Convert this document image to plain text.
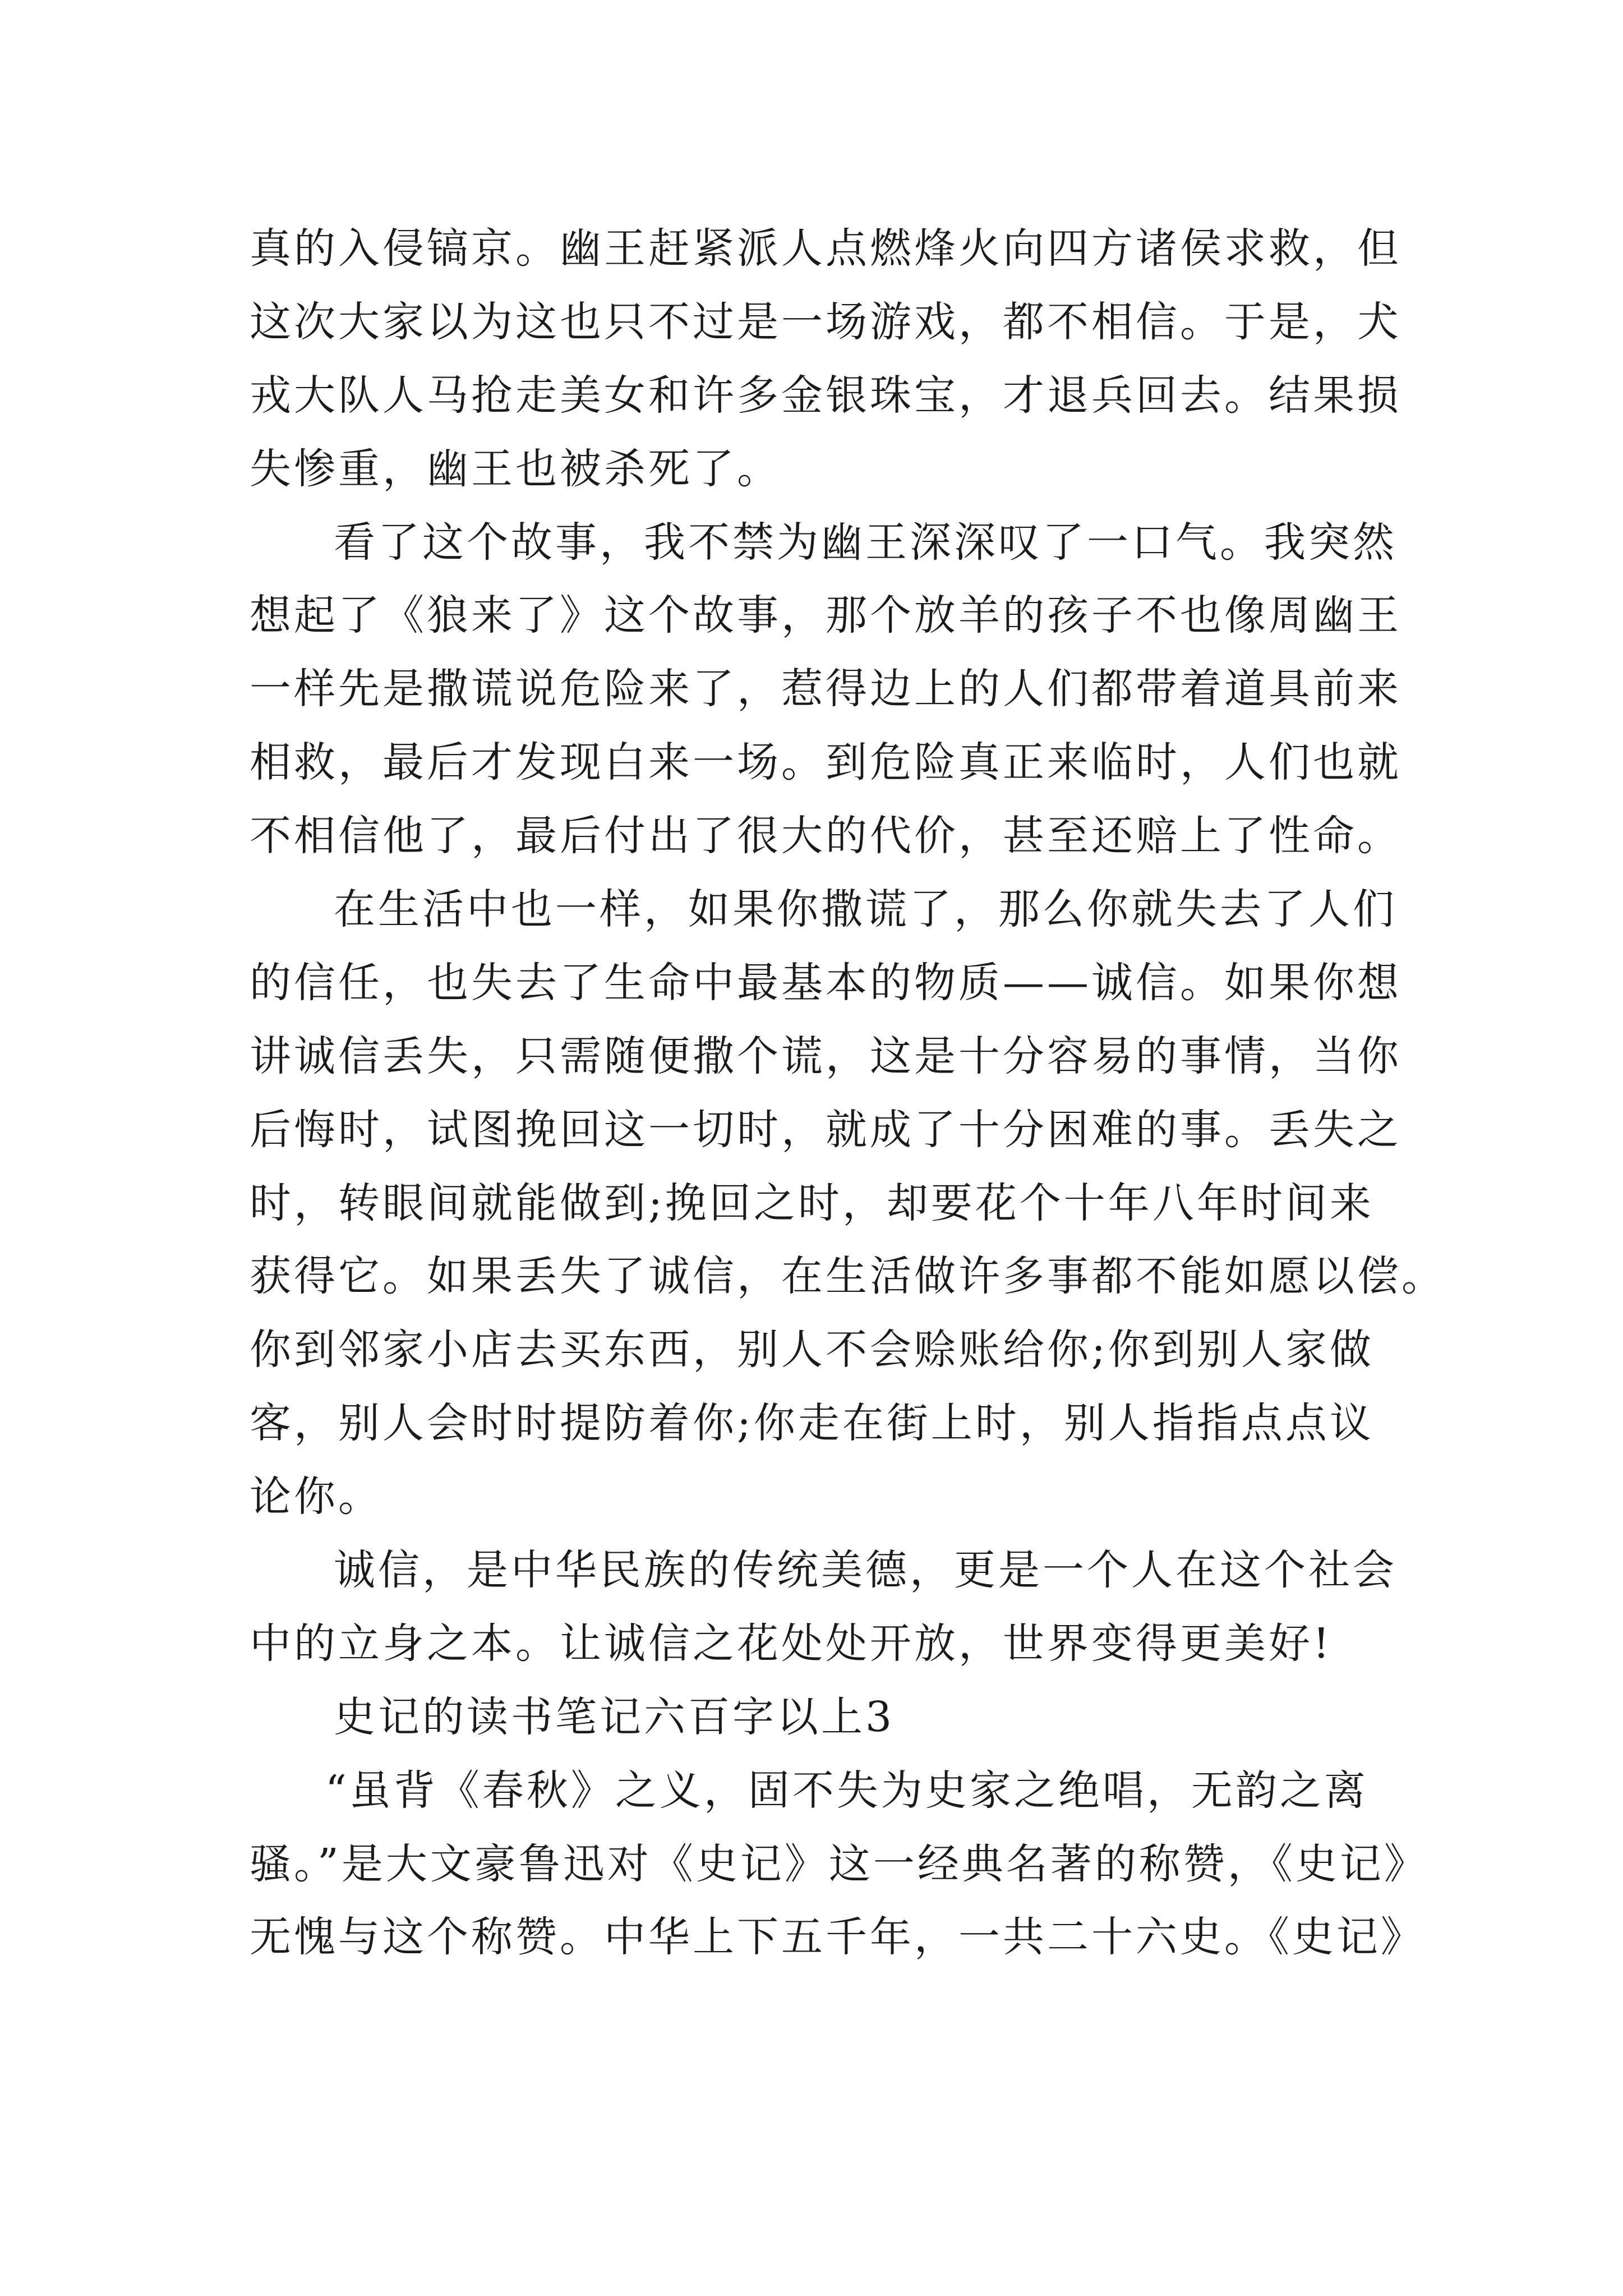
真的入侵镐京。幽王赶紧派人点燃烽火向四方诸侯求救，但
这次大家以为这也只不过是一场游戏，都不相信。于是，犬
戎大队人马抢走美女和许多金银珠宝，才退兵回去。结果损
失惨重，幽王也被杀死了。
看了这个故事，我不禁为幽王深深叹了一口气。我突然
想起了《狼来了》这个故事，那个放羊的孩子不也像周幽王
一样先是撒谎说危险来了，惹得边上的人们都带着道具前来
相救，最后才发现白来一场。到危险真正来临时，人们也就
不相信他了，最后付出了很大的代价，甚至还赔上了性命。
在生活中也一样，如果你撒谎了，那么你就失去了人们
的信任，也失去了生命中最基本的物质——诚信。如果你想
讲诚信丢失，只需随便撒个谎，这是十分容易的事情，当你
后悔时，试图挽回这一切时，就成了十分困难的事。丢失之
时，转眼间就能做到;挽回之时，却要花个十年八年时间来
获得它。如果丢失了诚信，在生活做许多事都不能如愿以偿。
你到邻家小店去买东西，别人不会赊账给你;你到别人家做
客，别人会时时提防着你;你走在街上时，别人指指点点议
论你。
诚信，是中华民族的传统美德，更是一个人在这个社会
中的立身之本。让诚信之花处处开放，世界变得更美好!
史记的读书笔记六百字以上3
“虽背《春秋》之义，固不失为史家之绝唱，无韵之离
骚。”是大文豪鲁迅对《史记》这一经典名著的称赞，《史记》
无愧与这个称赞。中华上下五千年，一共二十六史。《史记》
